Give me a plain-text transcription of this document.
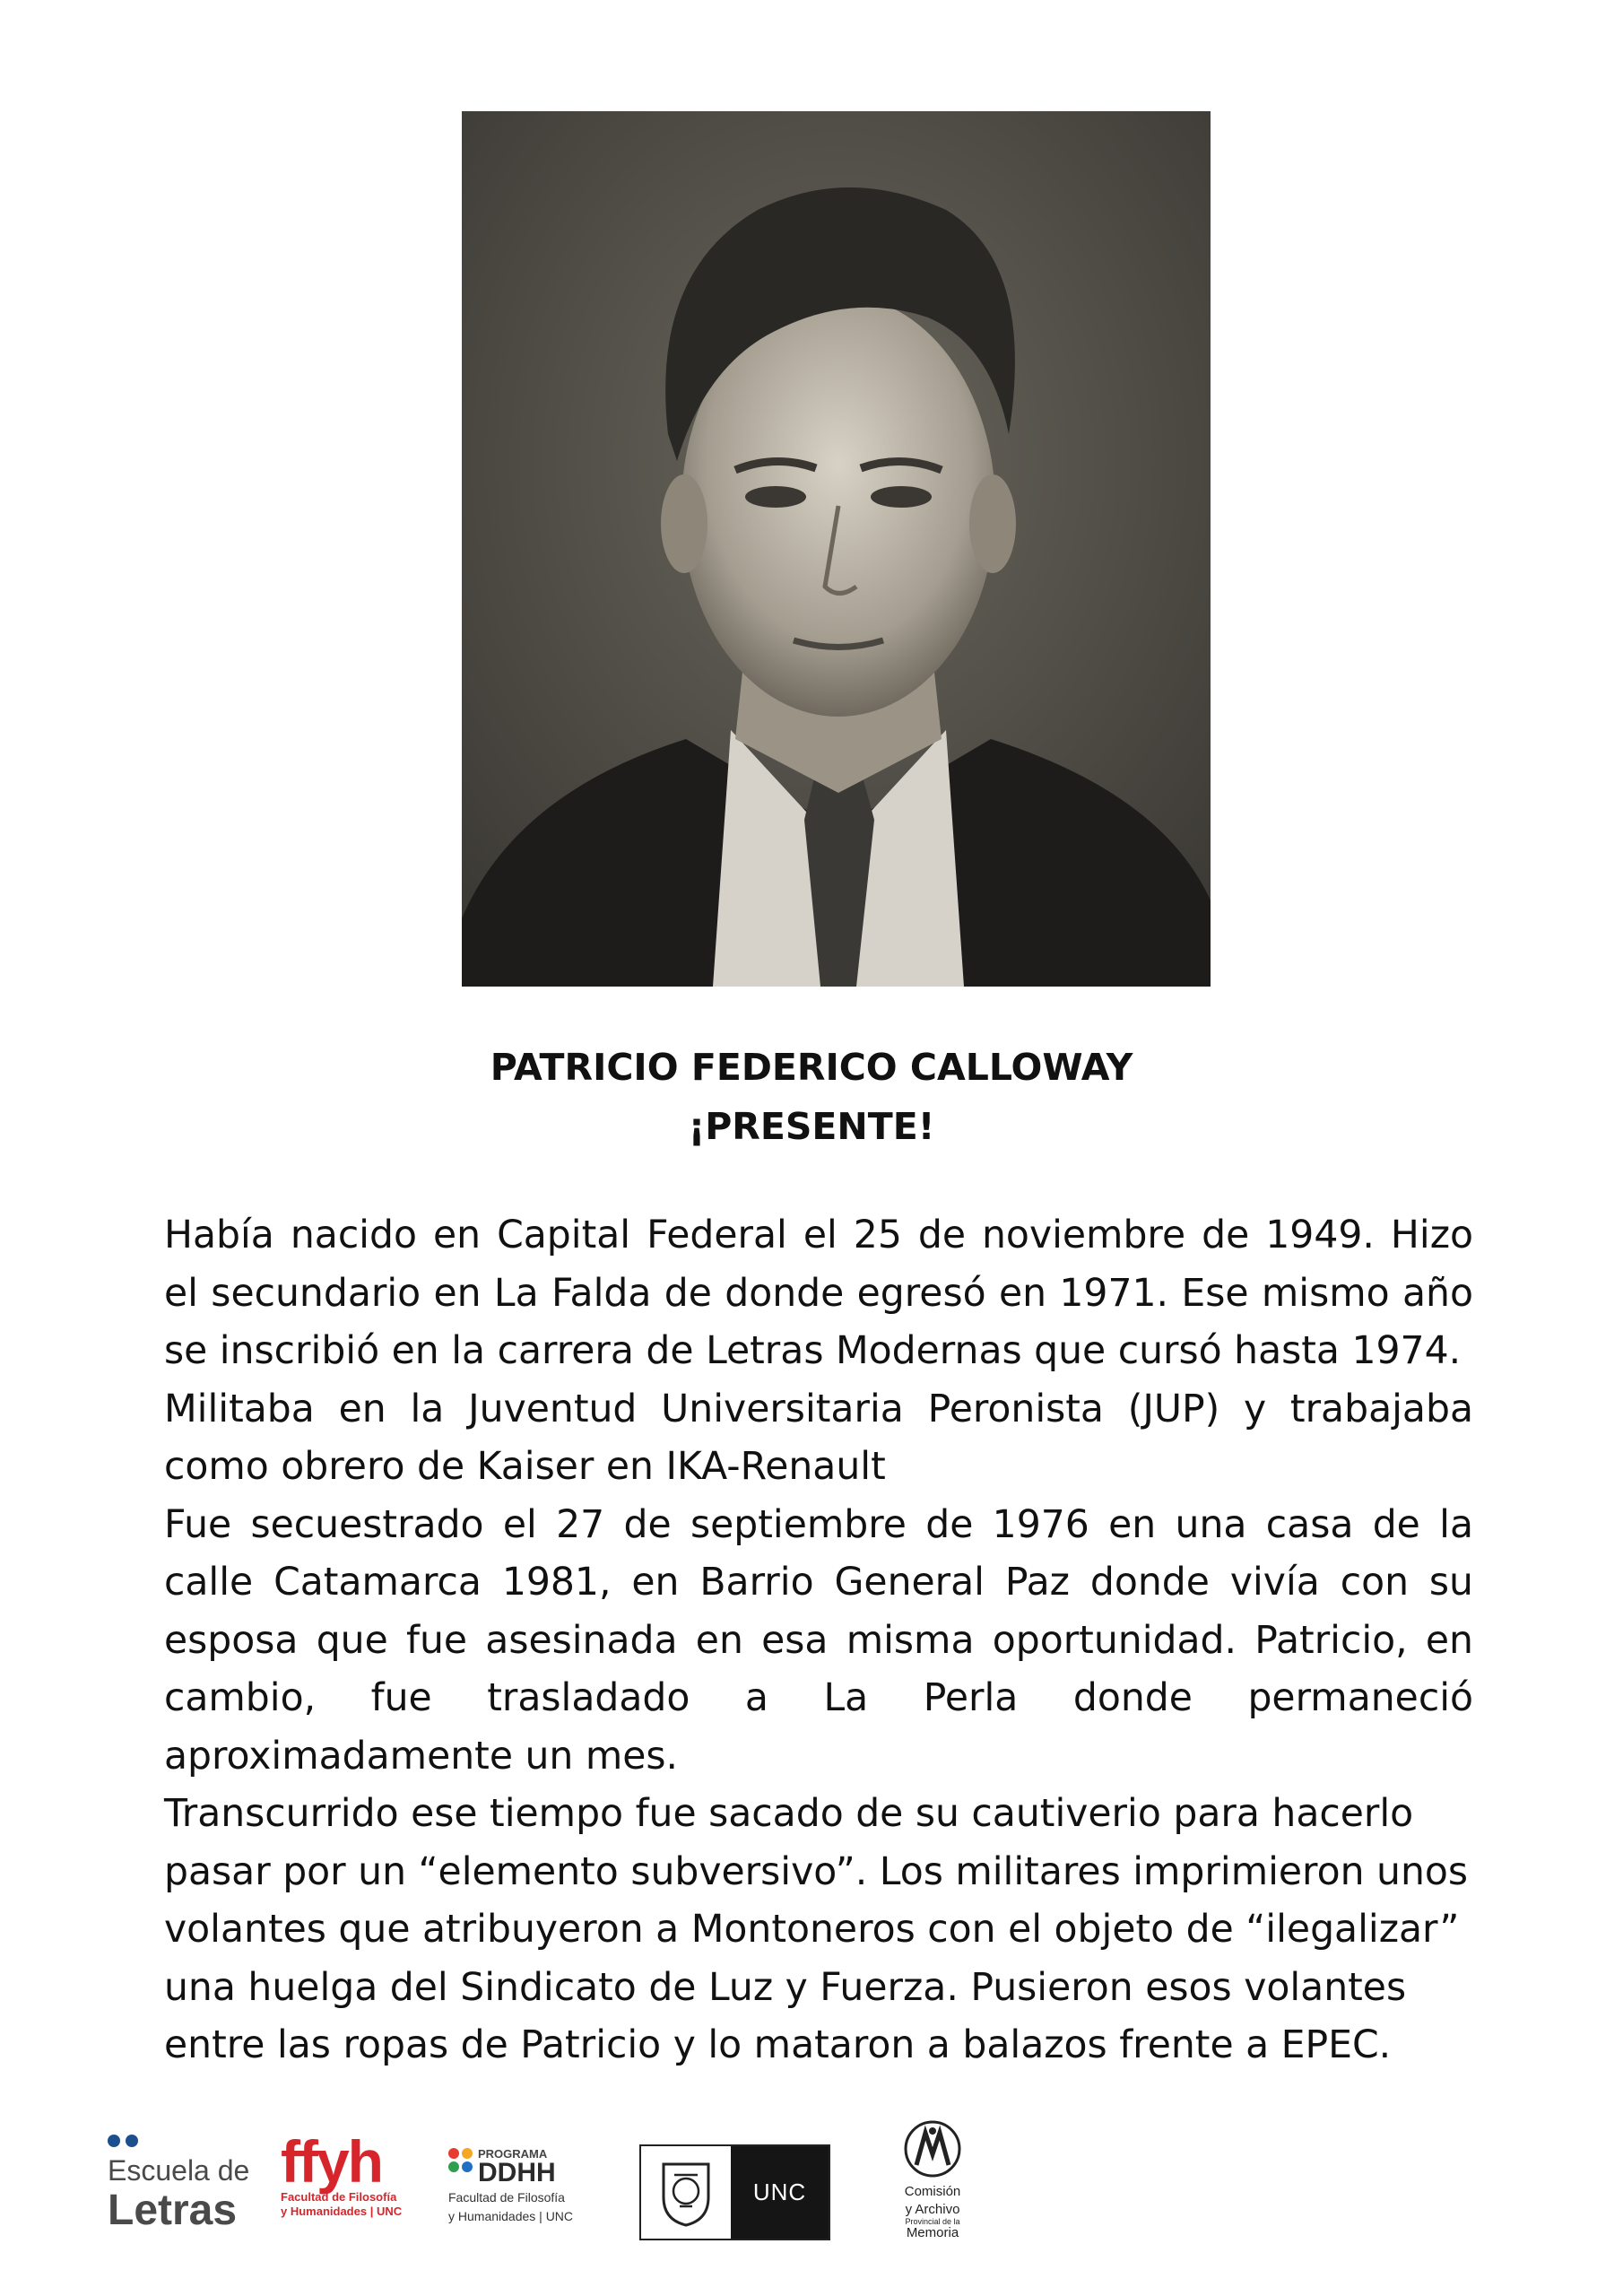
PATRICIO FEDERICO CALLOWAY
¡PRESENTE!

Había nacido en Capital Federal el 25 de noviembre de 1949. Hizo el secundario en La Falda de donde egresó en 1971. Ese mismo año se inscribió en la carrera de Letras Modernas que cursó hasta 1974.

Militaba en la Juventud Universitaria Peronista (JUP) y trabajaba como obrero de Kaiser en IKA-Renault

Fue secuestrado el 27 de septiembre de 1976 en una casa de la calle Catamarca 1981, en Barrio General Paz donde vivía con su esposa que fue asesinada en esa misma oportunidad. Patricio, en cambio, fue trasladado a La Perla donde permaneció aproximadamente un mes.

Transcurrido ese tiempo fue sacado de su cautiverio para hacerlo pasar por un “elemento subversivo”. Los militares imprimieron unos volantes que atribuyeron a Montoneros con el objeto de “ilegalizar” una huelga del Sindicato de Luz y Fuerza. Pusieron esos volantes entre las ropas de Patricio y lo mataron a balazos frente a EPEC.

Escuela de
Letras
ffyh
Facultad de Filosofía
y Humanidades | UNC
PROGRAMA
DDHH
Facultad de Filosofía
y Humanidades | UNC
UNC	Comisión
y Archivo
Provincial de la
Memoria
